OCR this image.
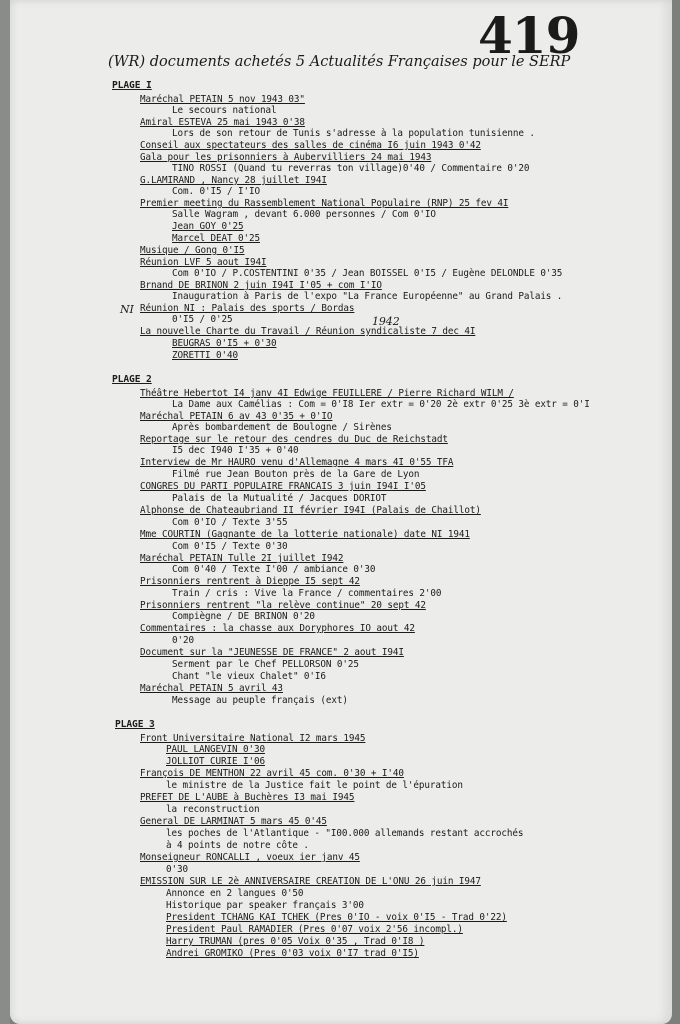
419
(WR) documents achetés 5 Actualités Françaises pour le SERP
PLAGE I
Maréchal PETAIN 5 nov 1943 03"
Le secours national
Amiral ESTEVA 25 mai 1943 0'38
Lors de son retour de Tunis s'adresse à la population tunisienne .
Conseil aux spectateurs des salles de cinéma I6 juin 1943 0'42
Gala pour les prisonniers à Aubervilliers 24 mai 1943
TINO ROSSI (Quand tu reverras ton village)0'40 / Commentaire 0'20
G.LAMIRAND , Nancy 28 juillet I94I
Com. 0'I5 / I'IO
Premier meeting du Rassemblement National Populaire (RNP) 25 fev 4I
Salle Wagram , devant 6.000 personnes / Com 0'IO
Jean GOY 0'25
Marcel DEAT 0'25
Musique / Gong 0'I5
Réunion LVF 5 aout I94I
Com 0'IO / P.COSTENTINI 0'35 / Jean BOISSEL 0'I5 / Eugène DELONDLE 0'35
Brnand DE BRINON 2 juin I94I I'05 + com I'IO
Inauguration à Paris de l'expo "La France Européenne" au Grand Palais .
Réunion NI : Palais des sports / Bordas
0'I5 / 0'25
La nouvelle Charte du Travail / Réunion syndicaliste 7 dec 4I
BEUGRAS 0'I5 + 0'30
ZORETTI 0'40
PLAGE 2
Théâtre Hebertot I4 janv 4I Edwige FEUILLERE / Pierre Richard WILM /
La Dame aux Camélias : Com = 0'I8 Ier extr = 0'20 2è extr 0'25 3è extr = 0'I
Maréchal PETAIN 6 av 43 0'35 + 0'IO
Après bombardement de Boulogne / Sirènes
Reportage sur le retour des cendres du Duc de Reichstadt
I5 dec I940 I'35 + 0'40
Interview de Mr HAURO venu d'Allemagne 4 mars 4I 0'55 TFA
Filmé rue Jean Bouton près de la Gare de Lyon
CONGRES DU PARTI POPULAIRE FRANCAIS 3 juin I94I I'05
Palais de la Mutualité / Jacques DORIOT
Alphonse de Chateaubriand II février I94I (Palais de Chaillot)
Com 0'IO / Texte 3'55
Mme COURTIN (Gagnante de la lotterie nationale) date NI 1941
Com 0'I5 / Texte 0'30
Maréchal PETAIN Tulle 2I juillet I942
Com 0'40 / Texte I'00 / ambiance 0'30
Prisonniers rentrent à Dieppe I5 sept 42
Train / cris : Vive la France / commentaires 2'00
Prisonniers rentrent "la relève continue" 20 sept 42
Compiègne / DE BRINON 0'20
Commentaires : la chasse aux Doryphores IO aout 42
0'20
Document sur la "JEUNESSE DE FRANCE" 2 aout I94I
Serment par le Chef PELLORSON 0'25
Chant "le vieux Chalet" 0'I6
Maréchal PETAIN 5 avril 43
Message au peuple français (ext)
PLAGE 3
Front Universitaire National I2 mars 1945
PAUL LANGEVIN 0'30
JOLLIOT CURIE I'06
François DE MENTHON 22 avril 45 com. 0'30 + I'40
le ministre de la Justice fait le point de l'épuration
PREFET DE L'AUBE à Buchères I3 mai I945
la reconstruction
General DE LARMINAT 5 mars 45 0'45
les poches de l'Atlantique - "I00.000 allemands restant accrochés
à 4 points de notre côte .
Monseigneur RONCALLI , voeux ier janv 45
0'30
EMISSION SUR LE 2è ANNIVERSAIRE CREATION DE L'ONU 26 juin I947
Annonce en 2 langues 0'50
Historique par speaker français 3'00
President TCHANG KAI TCHEK (Pres 0'IO - voix 0'I5 - Trad 0'22)
President Paul RAMADIER (Pres 0'07 voix 2'56 incompl.)
Harry TRUMAN (pres 0'05 Voix 0'35 , Trad 0'I8 )
Andrei GROMIKO (Pres 0'03 voix 0'I7 trad 0'I5)
NI
1942
